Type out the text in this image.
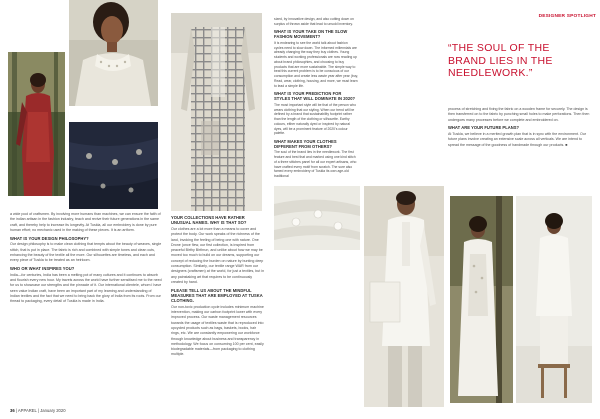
DESIGNER SPOTLIGHT
“THE SOUL OF THE BRAND LIES IN THE NEEDLEWORK.”

a wide pool of craftsmen. By involving more humans than machines, we can ensure the faith of the indian artisan in the fashion industry, teach and revive their future generations in the same craft, and thereby help to increase its longevity. At Tuskla, all our embroidery is done by pure human effort; no mechanic used in the making of these pieces. It is an artform.

WHAT IS YOUR DESIGN PHILOSOPHY?

Our design philosophy is to make clean clothing that tempts about the beauty of weaves, single stitch, that is put in place. The fabric is rich and combined with simple tones and clean cuts, enhancing the beauty of the textile all the more. Our silhouettes are timeless, and each and every piece of Tuskla to be treated as an heirloom.

WHO OR WHAT INSPIRES YOU?

India—for centuries, India has been a melting pot of many cultures and it continues to absorb and flourish every new hour. My travels across the world have further sensitised me to the need for us to showcase our strengths and the pinnacle of it. Our international clientele, whom I have seen value Indian craft, have been an important part of my learning and understanding of Indian textiles and the fact that we need to bring back the glory of India from its roots. From our thread to packaging, every detail of Tuskla is made in India.

YOUR COLLECTIONS HAVE RATHER UNUSUAL NAMES. WHY IS THAT SO?

Our clothes are a lot more than a means to cover and protect the body. Our work speaks of the richness of the land, invoking the feeling of being one with nature. One Drone (once flew, our first collection, is inspired from peaceful Birthy Birthrun, and unlike about how we may be moved too much to build on our dreams, supporting our concept of reducing the burden on nature by bunting deep consumption. Similarly, our textile range WAR from our designers (craftsmen) at the world, for just a textiles, but in any painstaking art that requires to be continuously created by hand.

PLEASE TELL US ABOUT THE MINDFUL MEASURES THAT ARE EMPLOYED AT TUSKA CLOTHING.

Our non-toxic production cycle includes minimum machine intervention, making our carbon footprint lower with every improved process. Our waste management resources towards the usage of textiles waste that is reproduced into upcycled products such as bags, baskets, books, hair rings, etc. We are constantly empowering our workforce through knowledge about business and transparency in methodology. We focus on consuming 100 per cent, easily biodegradable materials—from packaging to clothing multiple.

sized, by innovative design, and also cutting down on surplus of thrown aside that lead to unsold inventory.

WHAT IS YOUR TAKE ON THE SLOW FASHION MOVEMENT?

It is endearing to see the world talk about fashion cycles need to slow down. The informed millennials are already changing the way they buy clothes. Young students and working professionals are now reading up about brand philosophies, and choosing to buy products that are more sustainable. The simple way to beat this current problem is to be conscious of our consumption and create less waste year after year (buy, Read, wear, clothing, housing, and more, we must learn to lead a simple life.

WHAT IS YOUR PREDICTION FOR STYLES THAT WILL DOMINATE IN 2020?

The most important style will be that of the person who wears clothing that our styling. When our trend will be defined by a brand that sustainability footprint rather than the length of the clothing or silhouette. Earthy colours, either naturally dyed or inspired by natural dyes, will be a prominent feature of 2020's colour palette.

WHAT MAKES YOUR CLOTHES DIFFERENT FROM OTHERS?

The soul of the brand lies in the needlework. The first feature and best that and marked using one kind stitch of a three stitches panel for all our expert artisans, who have crafted every motif from scratch. The sure also famed every embroidery of Tuskla its own age-old traditional

process of stretching and fixing the fabric on a wooden frame for securely. The design is then transferred on to the fabric by punching small holes to make perforations. Then then undergoes many processes before we complete and embroidered on.

WHAT ARE YOUR FUTURE PLANS?

At Tuskla, we believe in a merited growth plan that is in sync with the environment. Our future plans involve creating an extensive scale across all verticals. We are intend to spread the message of the goodness of handmade through our products. ■

36 | APPAREL | January 2020
